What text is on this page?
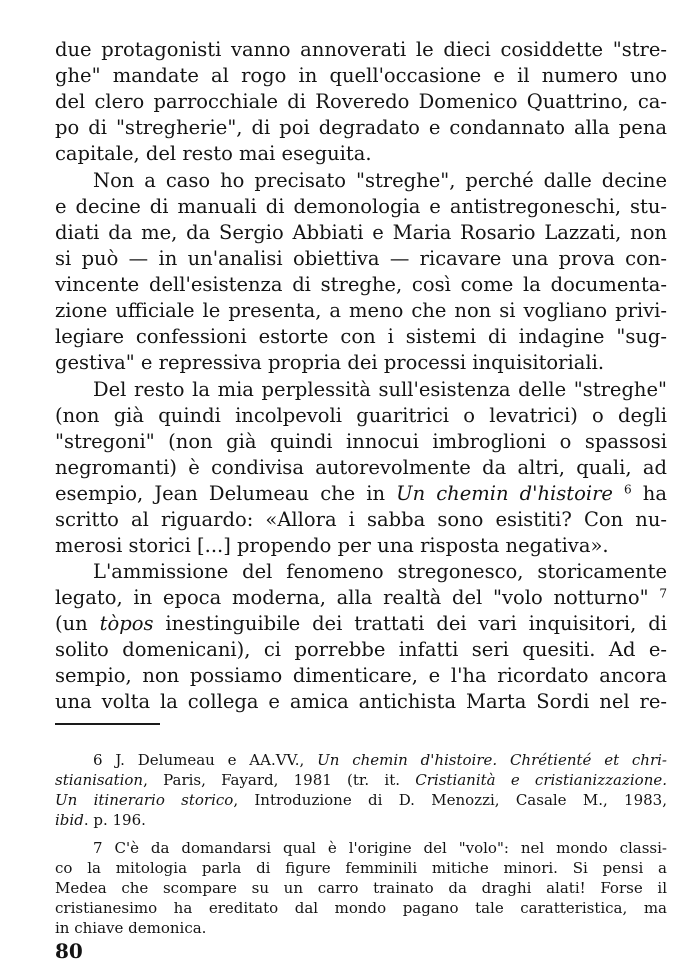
due protagonisti vanno annoverati le dieci cosiddette "stre-
ghe" mandate al rogo in quell'occasione e il numero uno
del clero parrocchiale di Roveredo Domenico Quattrino, ca-
po di "stregherie", di poi degradato e condannato alla pena
capitale, del resto mai eseguita.
Non a caso ho precisato "streghe", perché dalle decine
e decine di manuali di demonologia e antistregoneschi, stu-
diati da me, da Sergio Abbiati e Maria Rosario Lazzati, non
si può — in un'analisi obiettiva — ricavare una prova con-
vincente dell'esistenza di streghe, così come la documenta-
zione ufficiale le presenta, a meno che non si vogliano privi-
legiare confessioni estorte con i sistemi di indagine "sug-
gestiva" e repressiva propria dei processi inquisitoriali.
Del resto la mia perplessità sull'esistenza delle "streghe"
(non già quindi incolpevoli guaritrici o levatrici) o degli
"stregoni" (non già quindi innocui imbroglioni o spassosi
negromanti) è condivisa autorevolmente da altri, quali, ad
esempio, Jean Delumeau che in Un chemin d'histoire $^6$ ha
scritto al riguardo: «Allora i sabba sono esistiti? Con nu-
merosi storici [...] propendo per una risposta negativa».
L'ammissione del fenomeno stregonesco, storicamente
legato, in epoca moderna, alla realtà del "volo notturno" $^7$
(un tòpos inestinguibile dei trattati dei vari inquisitori, di
solito domenicani), ci porrebbe infatti seri quesiti. Ad e-
sempio, non possiamo dimenticare, e l'ha ricordato ancora
una volta la collega e amica antichista Marta Sordi nel re-
6 J. Delumeau e AA.VV., Un chemin d'histoire. Chrétienté et chri-
stianisation, Paris, Fayard, 1981 (tr. it. Cristianità e cristianizzazione.
Un itinerario storico, Introduzione di D. Menozzi, Casale M., 1983,
ibid. p. 196.
7 C'è da domandarsi qual è l'origine del "volo": nel mondo classi-
co la mitologia parla di figure femminili mitiche minori. Si pensi a
Medea che scompare su un carro trainato da draghi alati! Forse il
cristianesimo ha ereditato dal mondo pagano tale caratteristica, ma
in chiave demonica.
80
